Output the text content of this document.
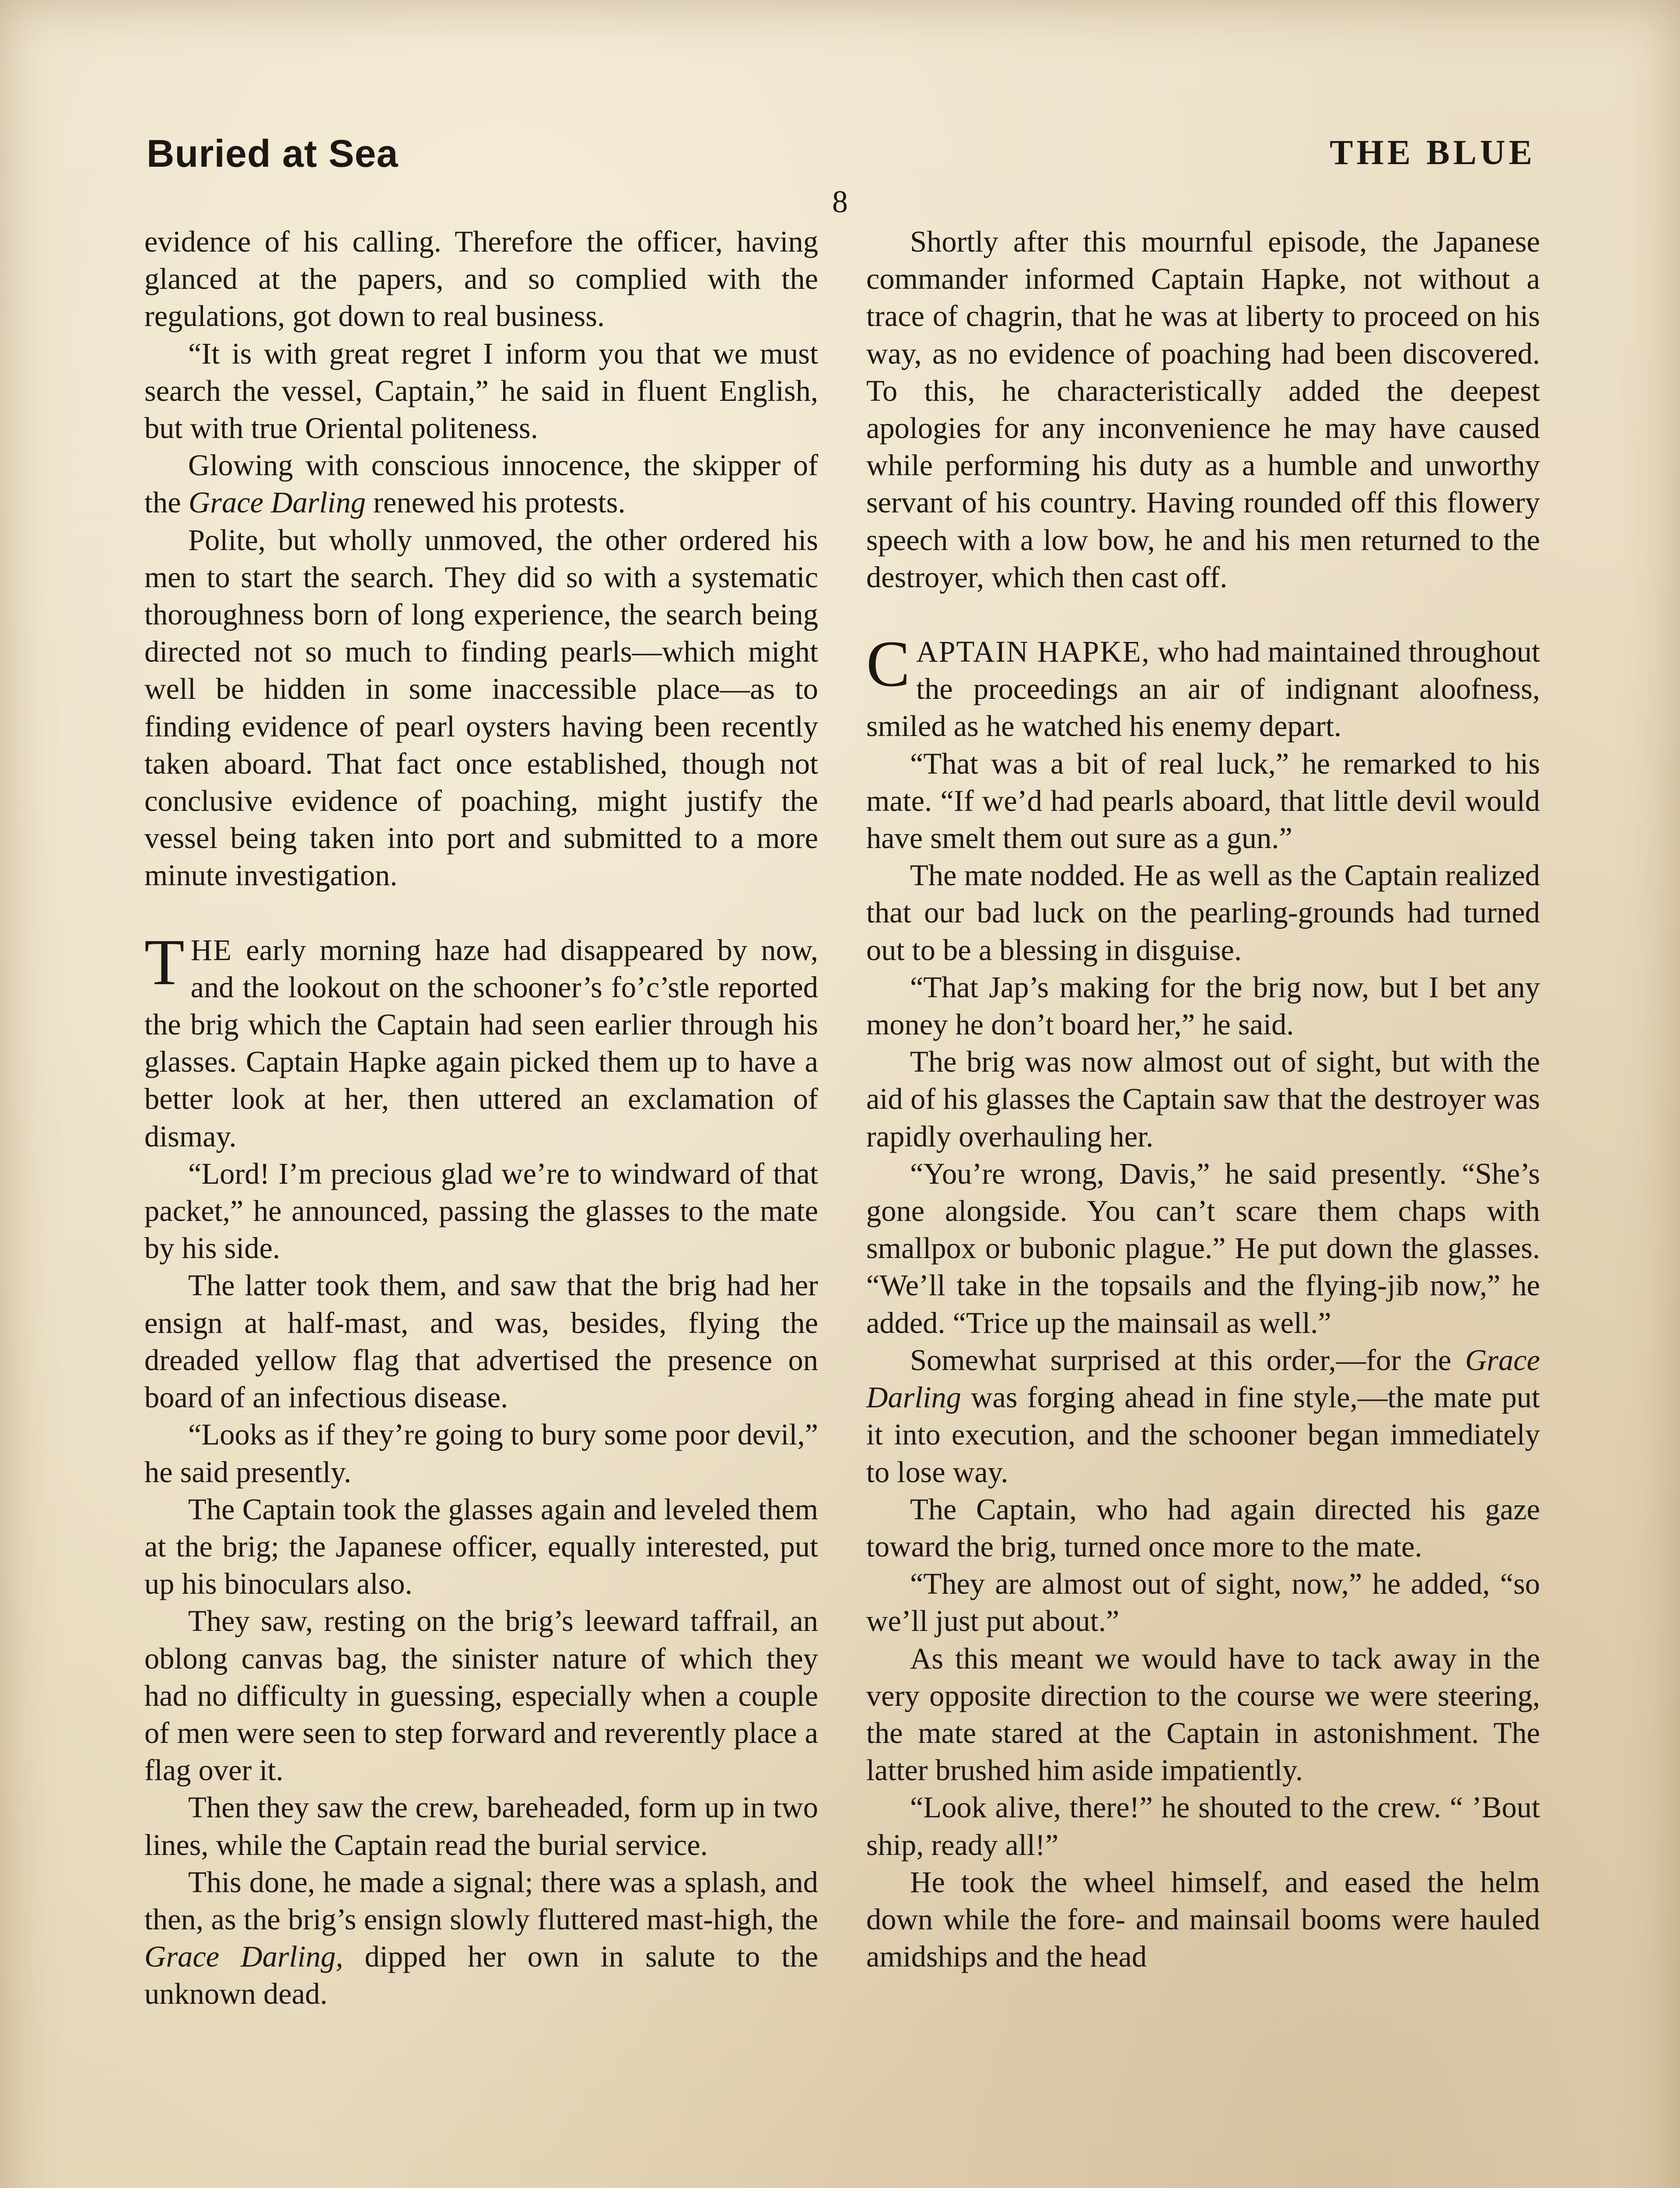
Buried at Sea	THE BLUE
8

evidence of his calling. Therefore the officer, having glanced at the papers, and so complied with the regulations, got down to real business.

“It is with great regret I inform you that we must search the vessel, Captain,” he said in fluent English, but with true Oriental politeness.

Glowing with conscious innocence, the skipper of the Grace Darling renewed his protests.

Polite, but wholly unmoved, the other ordered his men to start the search. They did so with a systematic thoroughness born of long experience, the search being directed not so much to finding pearls—which might well be hidden in some inaccessible place—as to finding evidence of pearl oysters having been recently taken aboard. That fact once established, though not conclusive evidence of poaching, might justify the vessel being taken into port and submitted to a more minute investigation.

THE early morning haze had disappeared by now, and the lookout on the schooner’s fo’c’stle reported the brig which the Captain had seen earlier through his glasses. Captain Hapke again picked them up to have a better look at her, then uttered an exclamation of dismay.

“Lord! I’m precious glad we’re to windward of that packet,” he announced, passing the glasses to the mate by his side.

The latter took them, and saw that the brig had her ensign at half-mast, and was, besides, flying the dreaded yellow flag that advertised the presence on board of an infectious disease.

“Looks as if they’re going to bury some poor devil,” he said presently.

The Captain took the glasses again and leveled them at the brig; the Japanese officer, equally interested, put up his binoculars also.

They saw, resting on the brig’s leeward taffrail, an oblong canvas bag, the sinister nature of which they had no difficulty in guessing, especially when a couple of men were seen to step forward and reverently place a flag over it.

Then they saw the crew, bareheaded, form up in two lines, while the Captain read the burial service.

This done, he made a signal; there was a splash, and then, as the brig’s ensign slowly fluttered mast-high, the Grace Darling, dipped her own in salute to the unknown dead.

Shortly after this mournful episode, the Japanese commander informed Captain Hapke, not without a trace of chagrin, that he was at liberty to proceed on his way, as no evidence of poaching had been discovered. To this, he characteristically added the deepest apologies for any inconvenience he may have caused while performing his duty as a humble and unworthy servant of his country. Having rounded off this flowery speech with a low bow, he and his men returned to the destroyer, which then cast off.

CAPTAIN HAPKE, who had maintained throughout the proceedings an air of indignant aloofness, smiled as he watched his enemy depart.

“That was a bit of real luck,” he remarked to his mate. “If we’d had pearls aboard, that little devil would have smelt them out sure as a gun.”

The mate nodded. He as well as the Captain realized that our bad luck on the pearling-grounds had turned out to be a blessing in disguise.

“That Jap’s making for the brig now, but I bet any money he don’t board her,” he said.

The brig was now almost out of sight, but with the aid of his glasses the Captain saw that the destroyer was rapidly overhauling her.

“You’re wrong, Davis,” he said presently. “She’s gone alongside. You can’t scare them chaps with smallpox or bubonic plague.” He put down the glasses. “We’ll take in the topsails and the flying-jib now,” he added. “Trice up the mainsail as well.”

Somewhat surprised at this order,—for the Grace Darling was forging ahead in fine style,—the mate put it into execution, and the schooner began immediately to lose way.

The Captain, who had again directed his gaze toward the brig, turned once more to the mate.

“They are almost out of sight, now,” he added, “so we’ll just put about.”

As this meant we would have to tack away in the very opposite direction to the course we were steering, the mate stared at the Captain in astonishment. The latter brushed him aside impatiently.

“Look alive, there!” he shouted to the crew. “ ’Bout ship, ready all!”

He took the wheel himself, and eased the helm down while the fore- and mainsail booms were hauled amidships and the head
